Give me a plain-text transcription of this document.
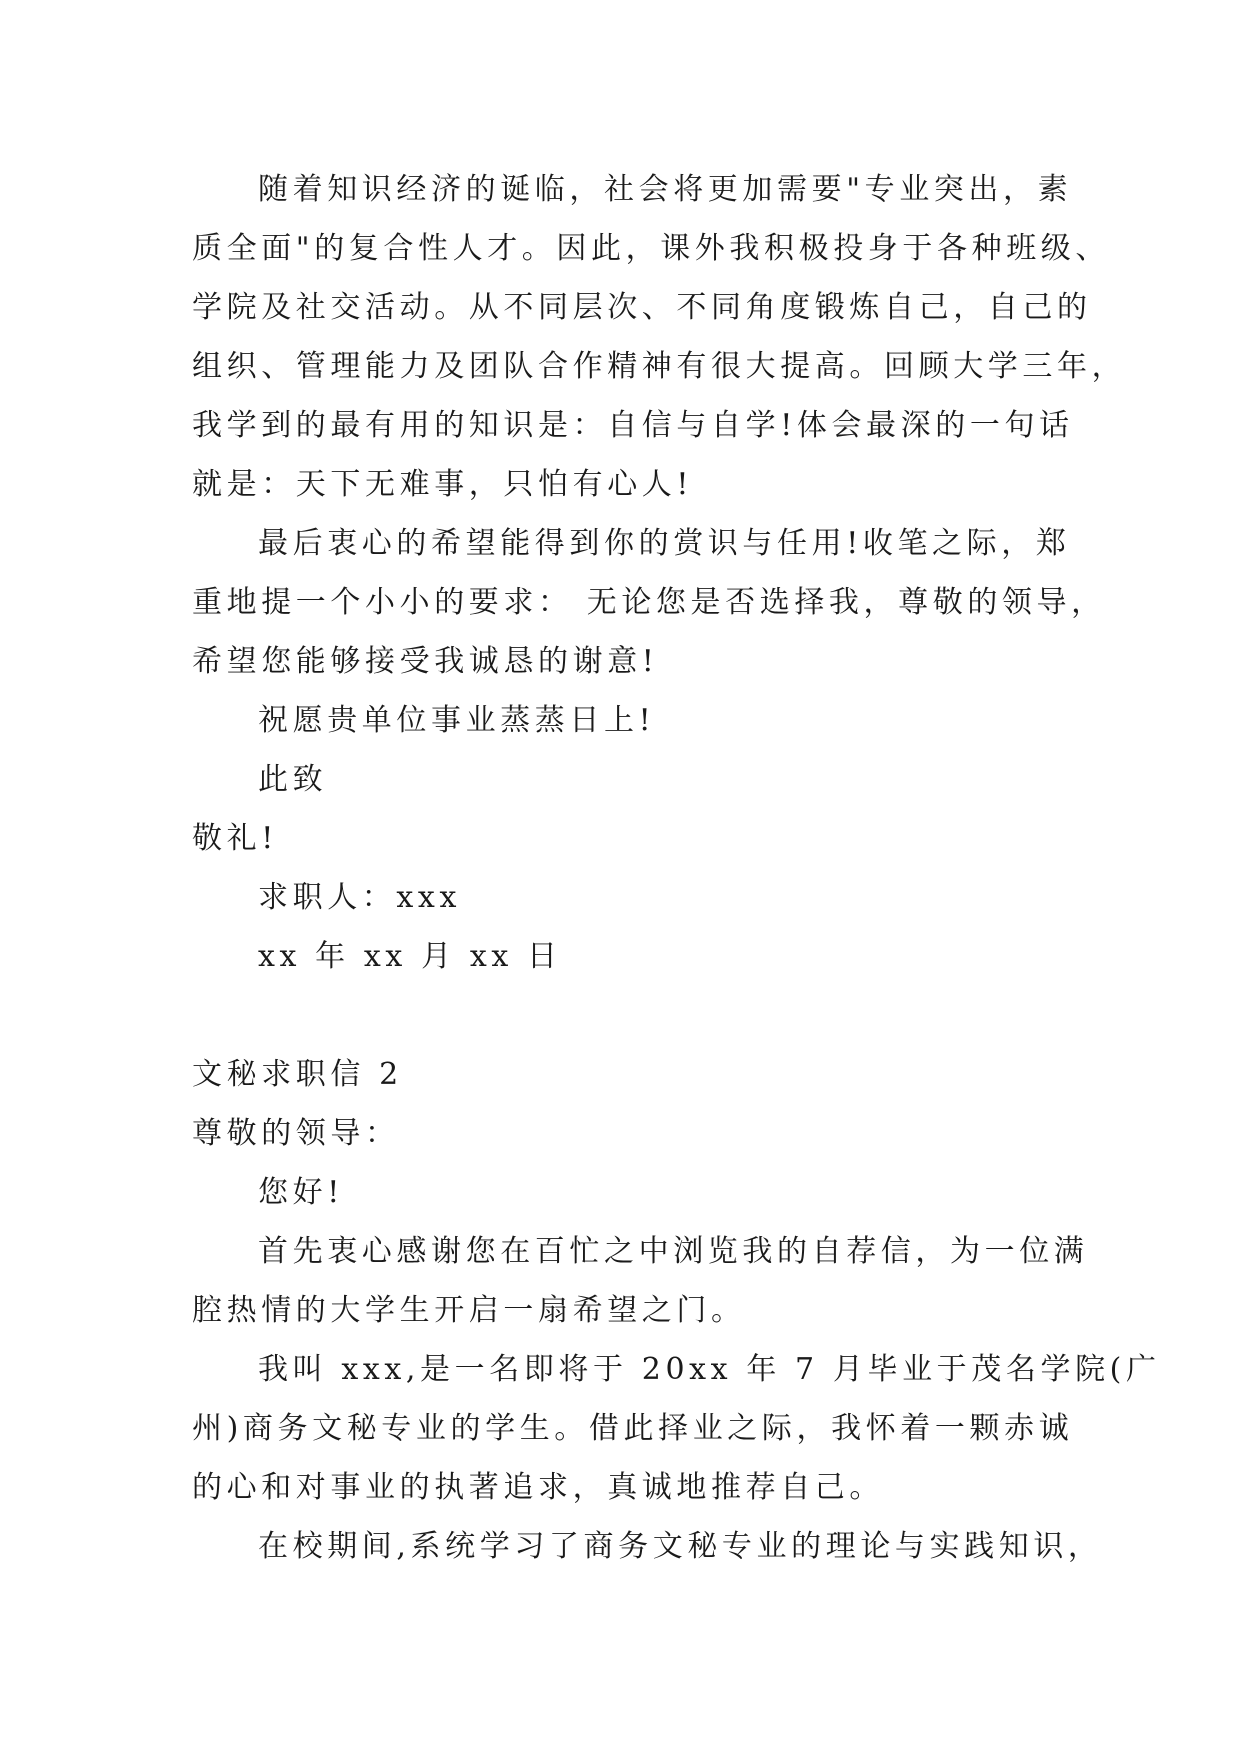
随着知识经济的诞临，社会将更加需要"专业突出，素
质全面"的复合性人才。因此，课外我积极投身于各种班级、
学院及社交活动。从不同层次、不同角度锻炼自己，自己的
组织、管理能力及团队合作精神有很大提高。回顾大学三年，
我学到的最有用的知识是：自信与自学!体会最深的一句话
就是：天下无难事，只怕有心人!
最后衷心的希望能得到你的赏识与任用!收笔之际，郑
重地提一个小小的要求： 无论您是否选择我，尊敬的领导，
希望您能够接受我诚恳的谢意!
祝愿贵单位事业蒸蒸日上!
此致
敬礼!
求职人：xxx
xx 年 xx 月 xx 日
文秘求职信 2
尊敬的领导：
您好!
首先衷心感谢您在百忙之中浏览我的自荐信，为一位满
腔热情的大学生开启一扇希望之门。
我叫 xxx,是一名即将于 20xx 年 7 月毕业于茂名学院(广
州)商务文秘专业的学生。借此择业之际，我怀着一颗赤诚
的心和对事业的执著追求，真诚地推荐自己。
在校期间,系统学习了商务文秘专业的理论与实践知识，
